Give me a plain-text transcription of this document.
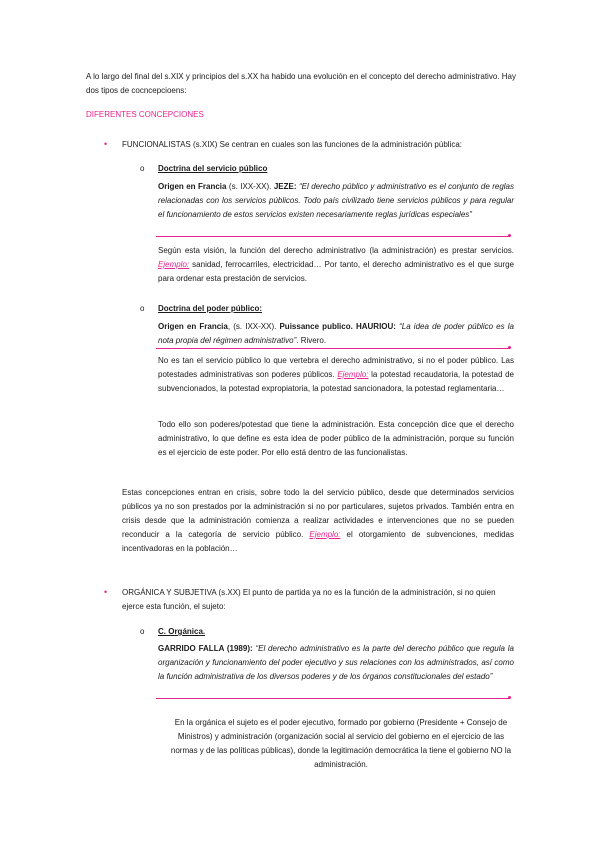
A lo largo del final del s.XIX y principios del s.XX ha habido una evolución en el concepto del derecho administrativo. Hay dos tipos de cocncepcioens:
DIFERENTES CONCEPCIONES
• FUNCIONALISTAS (s.XIX) Se centran en cuales son las funciones de la administración pública:
o Doctrina del servicio público
Origen en Francia (s. IXX-XX). JEZE: “El derecho público y administrativo es el conjunto de reglas relacionadas con los servicios públicos. Todo país civilizado tiene servicios públicos y para regular el funcionamiento de estos servicios existen necesariamente reglas jurídicas especiales”
Según esta visión, la función del derecho administrativo (la administración) es prestar servicios. Ejemplo: sanidad, ferrocarriles, electricidad… Por tanto, el derecho administrativo es el que surge para ordenar esta prestación de servicios.
o Doctrina del poder público:
Origen en Francia, (s. IXX-XX). Puissance publico. HAURIOU: “La idea de poder público es la nota propia del régimen administrativo”. Rivero.
No es tan el servicio público lo que vertebra el derecho administrativo, si no el poder público. Las potestades administrativas son poderes públicos. Ejemplo: la potestad recaudatoria, la potestad de subvencionados, la potestad expropiatoria, la potestad sancionadora, la potestad reglamentaria…
Todo ello son poderes/potestad que tiene la administración. Esta concepción dice que el derecho administrativo, lo que define es esta idea de poder público de la administración, porque su función es el ejercicio de este poder. Por ello está dentro de las funcionalistas.
Estas concepciones entran en crisis, sobre todo la del servicio público, desde que determinados servicios públicos ya no son prestados por la administración si no por particulares, sujetos privados. También entra en crisis desde que la administración comienza a realizar actividades e intervenciones que no se pueden reconducir a la categoría de servicio público. Ejemplo: el otorgamiento de subvenciones, medidas incentivadoras en la población…
• ORGÁNICA Y SUBJETIVA (s.XX) El punto de partida ya no es la función de la administración, si no quien ejerce esta función, el sujeto:
o C. Orgánica.
GARRIDO FALLA (1989): “El derecho administrativo es la parte del derecho público que regula la organización y funcionamiento del poder ejecutivo y sus relaciones con los administrados, así como la función administrativa de los diversos poderes y de los órganos constitucionales del estado”
En la orgánica el sujeto es el poder ejecutivo, formado por gobierno (Presidente + Consejo de Ministros) y administración (organización social al servicio del gobierno en el ejercicio de las normas y de las políticas públicas), donde la legitimación democrática la tiene el gobierno NO la administración.
